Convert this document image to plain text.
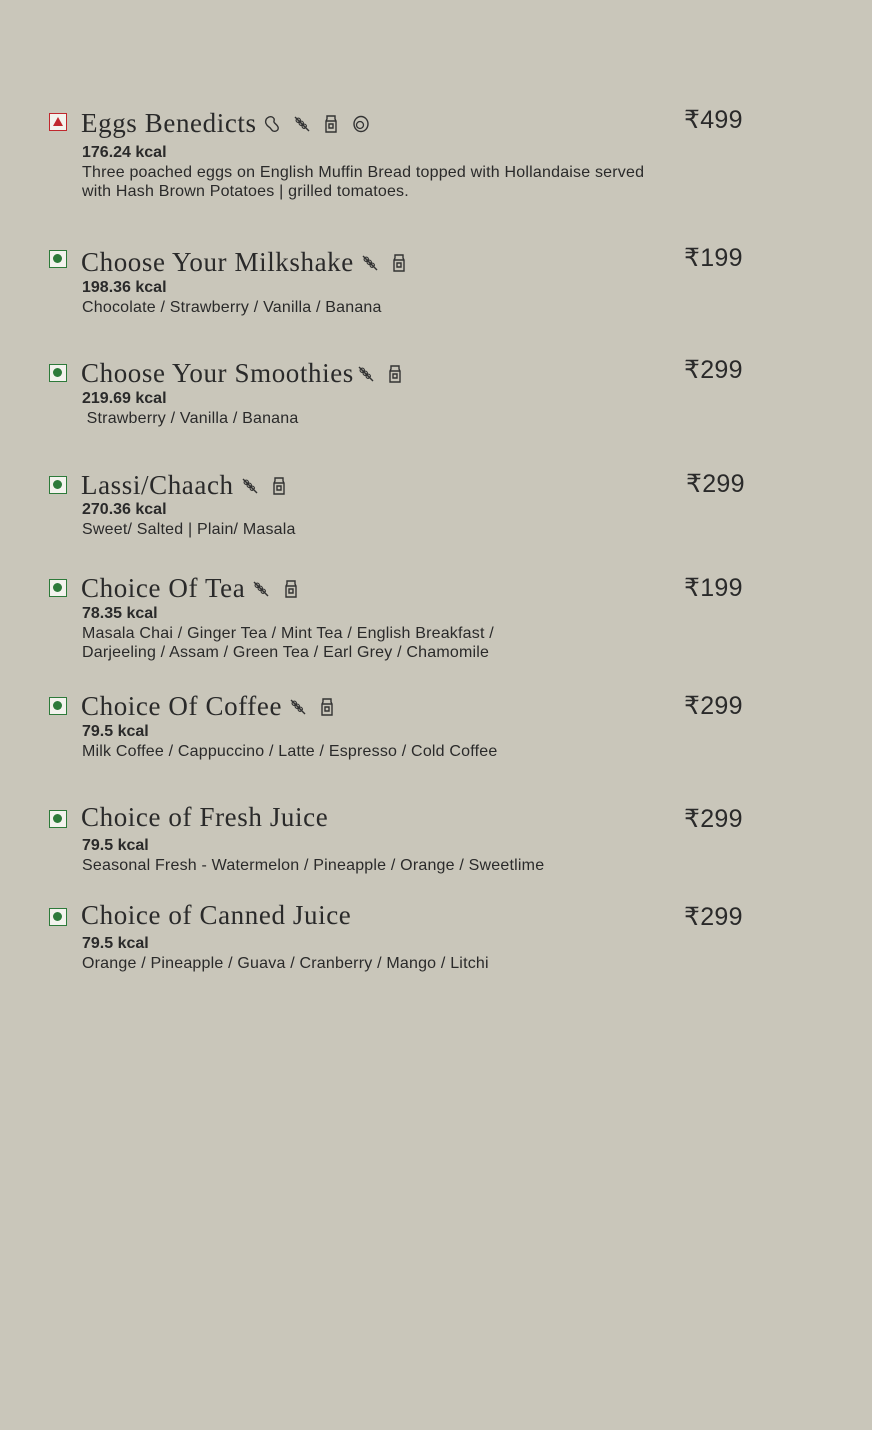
Eggs Benedicts
176.24 kcal
Three poached eggs on English Muffin Bread topped with Hollandaise served with Hash Brown Potatoes | grilled tomatoes.
₹499
Choose Your Milkshake
198.36 kcal
Chocolate / Strawberry / Vanilla / Banana
₹199
Choose Your Smoothies
219.69 kcal
Strawberry / Vanilla / Banana
₹299
Lassi/Chaach
270.36 kcal
Sweet/ Salted | Plain/ Masala
₹299
Choice Of Tea
78.35 kcal
Masala Chai / Ginger Tea / Mint Tea / English Breakfast / Darjeeling / Assam / Green Tea / Earl Grey / Chamomile
₹199
Choice Of Coffee
79.5 kcal
Milk Coffee / Cappuccino / Latte / Espresso / Cold Coffee
₹299
Choice of Fresh Juice
79.5 kcal
Seasonal Fresh - Watermelon / Pineapple / Orange / Sweetlime
₹299
Choice of Canned Juice
79.5 kcal
Orange / Pineapple / Guava / Cranberry / Mango / Litchi
₹299
